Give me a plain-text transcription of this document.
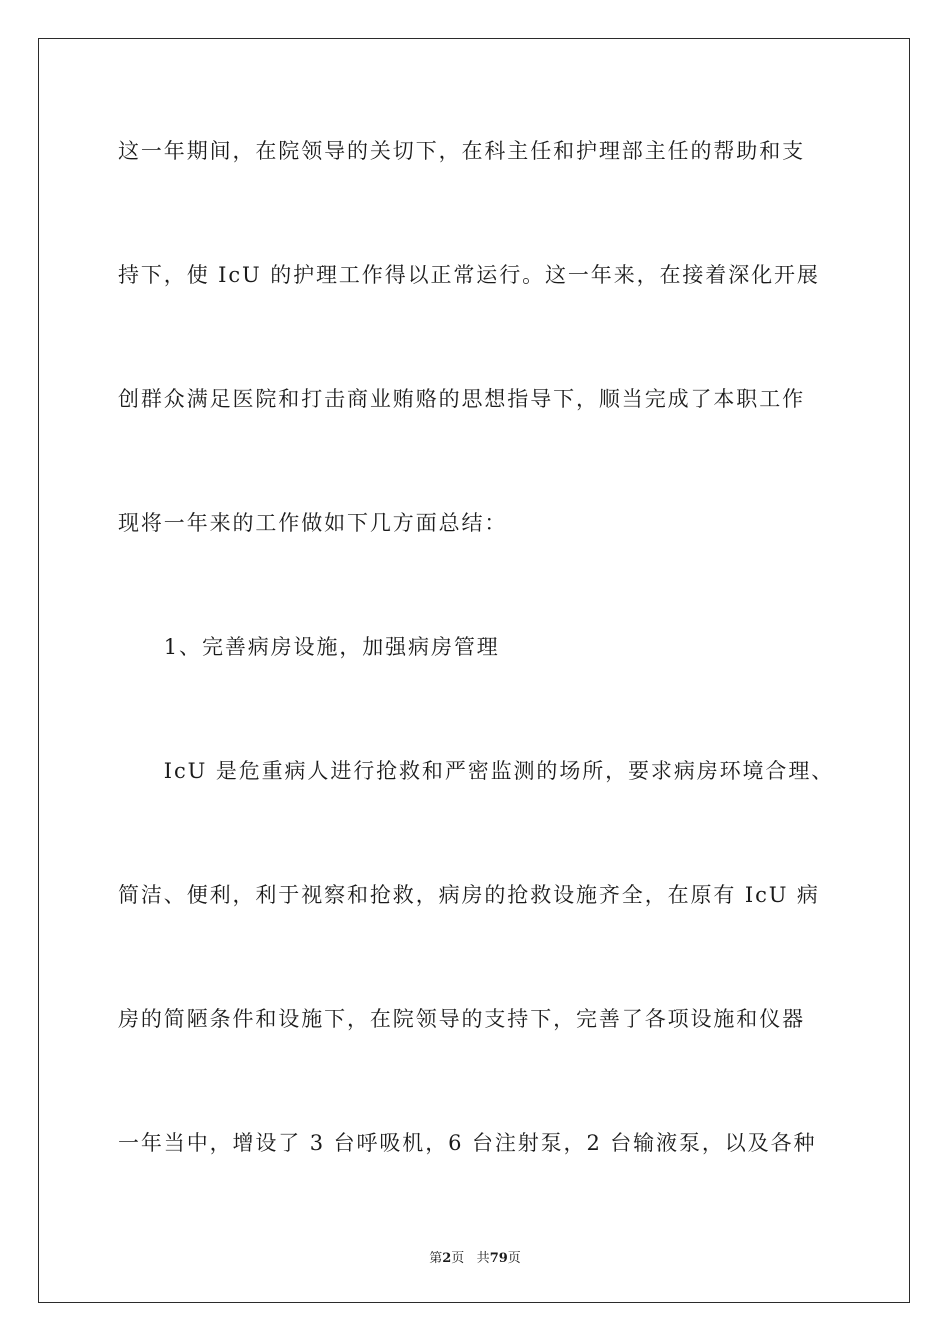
这一年期间，在院领导的关切下，在科主任和护理部主任的帮助和支
持下，使 IcU 的护理工作得以正常运行。这一年来，在接着深化开展
创群众满足医院和打击商业贿赂的思想指导下，顺当完成了本职工作
现将一年来的工作做如下几方面总结：
　　1、完善病房设施，加强病房管理
　　IcU 是危重病人进行抢救和严密监测的场所，要求病房环境合理、
简洁、便利，利于视察和抢救，病房的抢救设施齐全，在原有 IcU 病
房的简陋条件和设施下，在院领导的支持下，完善了各项设施和仪器
一年当中，增设了 3 台呼吸机，6 台注射泵，2 台输液泵，以及各种
第2页 共79页
